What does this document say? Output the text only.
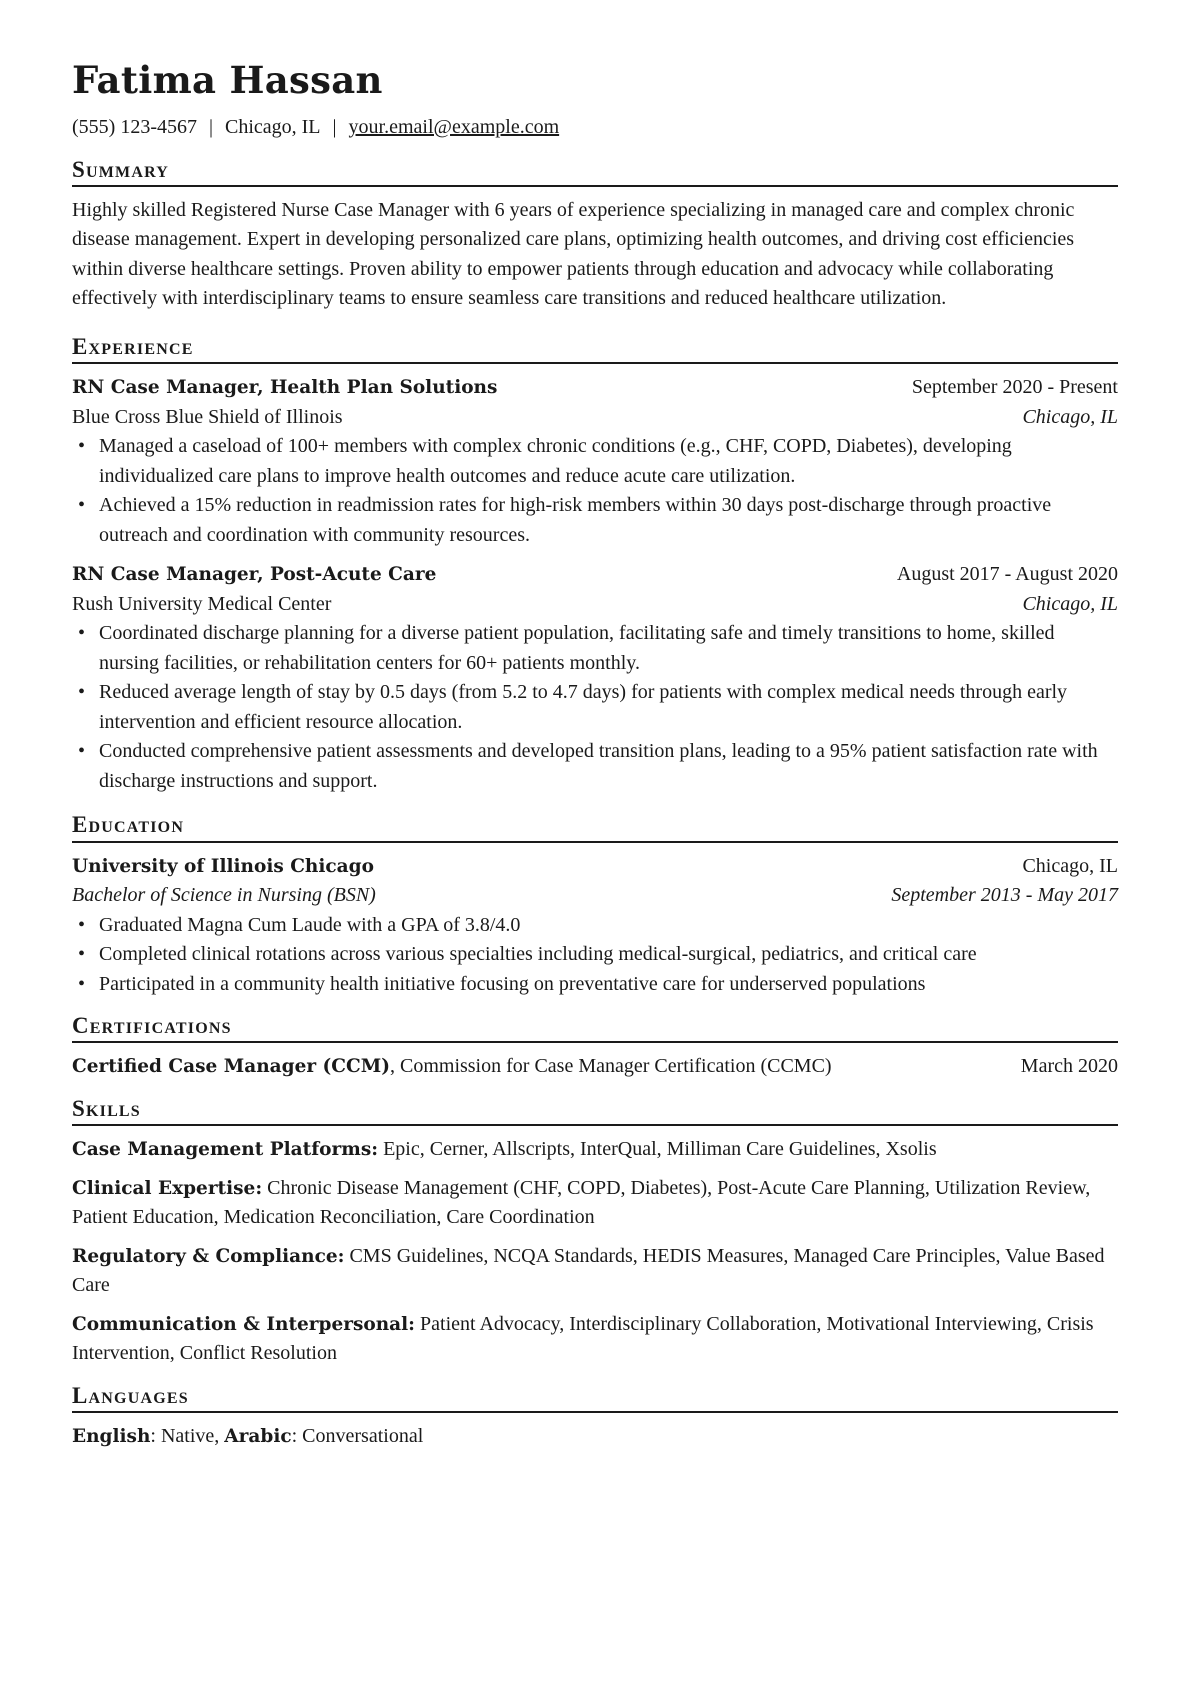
Fatima Hassan
(555) 123-4567 | Chicago, IL | your.email@example.com
Summary

Highly skilled Registered Nurse Case Manager with 6 years of experience specializing in managed care and complex chronic disease management. Expert in developing personalized care plans, optimizing health outcomes, and driving cost efficiencies within diverse healthcare settings. Proven ability to empower patients through education and advocacy while collaborating effectively with interdisciplinary teams to ensure seamless care transitions and reduced healthcare utilization.

Experience
RN Case Manager, Health Plan Solutions	September 2020 - Present
Blue Cross Blue Shield of Illinois	Chicago, IL
• Managed a caseload of 100+ members with complex chronic conditions (e.g., CHF, COPD, Diabetes), developing individualized care plans to improve health outcomes and reduce acute care utilization.
• Achieved a 15% reduction in readmission rates for high-risk members within 30 days post-discharge through proactive outreach and coordination with community resources.
RN Case Manager, Post-Acute Care	August 2017 - August 2020
Rush University Medical Center	Chicago, IL
• Coordinated discharge planning for a diverse patient population, facilitating safe and timely transitions to home, skilled nursing facilities, or rehabilitation centers for 60+ patients monthly.
• Reduced average length of stay by 0.5 days (from 5.2 to 4.7 days) for patients with complex medical needs through early intervention and efficient resource allocation.
• Conducted comprehensive patient assessments and developed transition plans, leading to a 95% patient satisfaction rate with discharge instructions and support.
Education
University of Illinois Chicago	Chicago, IL
Bachelor of Science in Nursing (BSN)	September 2013 - May 2017
• Graduated Magna Cum Laude with a GPA of 3.8/4.0
• Completed clinical rotations across various specialties including medical-surgical, pediatrics, and critical care
• Participated in a community health initiative focusing on preventative care for underserved populations
Certifications
Certified Case Manager (CCM), Commission for Case Manager Certification (CCMC)	March 2020
Skills

Case Management Platforms: Epic, Cerner, Allscripts, InterQual, Milliman Care Guidelines, Xsolis

Clinical Expertise: Chronic Disease Management (CHF, COPD, Diabetes), Post-Acute Care Planning, Utilization Review, Patient Education, Medication Reconciliation, Care Coordination

Regulatory & Compliance: CMS Guidelines, NCQA Standards, HEDIS Measures, Managed Care Principles, Value Based Care

Communication & Interpersonal: Patient Advocacy, Interdisciplinary Collaboration, Motivational Interviewing, Crisis Intervention, Conflict Resolution

Languages
English: Native, Arabic: Conversational
